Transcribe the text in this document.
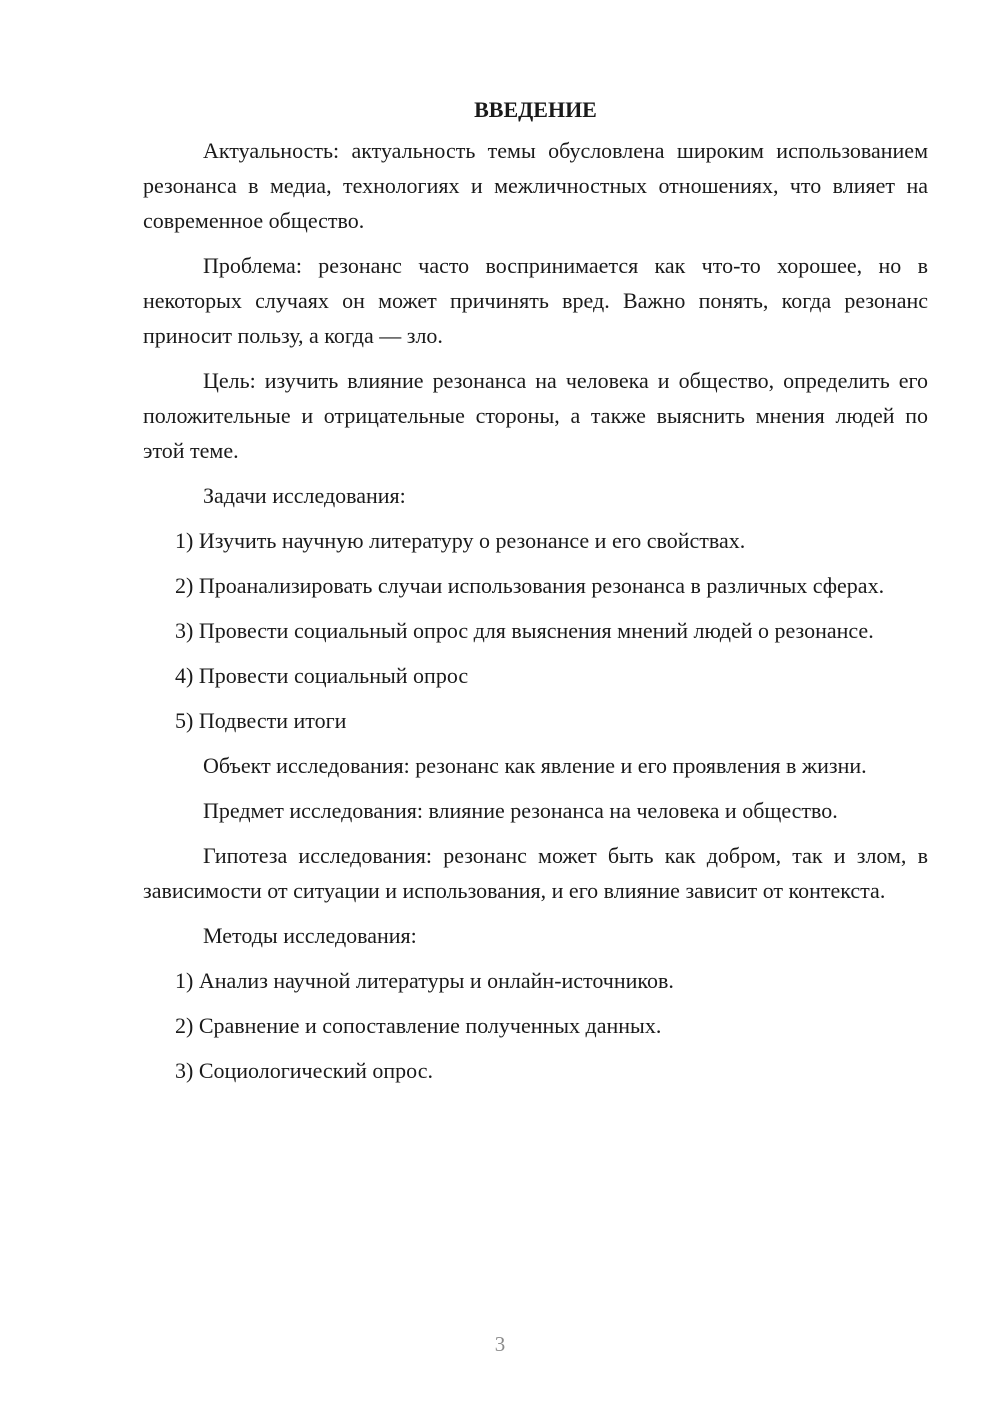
ВВЕДЕНИЕ

Актуальность: актуальность темы обусловлена широким использованием резонанса в медиа, технологиях и межличностных отношениях, что влияет на современное общество.

Проблема: резонанс часто воспринимается как что-то хорошее, но в некоторых случаях он может причинять вред. Важно понять, когда резонанс приносит пользу, а когда — зло.

Цель: изучить влияние резонанса на человека и общество, определить его положительные и отрицательные стороны, а также выяснить мнения людей по этой теме.

Задачи исследования:

1) Изучить научную литературу о резонансе и его свойствах.

2) Проанализировать случаи использования резонанса в различных сферах.

3) Провести социальный опрос для выяснения мнений людей о резонансе.

4) Провести социальный опрос

5) Подвести итоги

Объект исследования: резонанс как явление и его проявления в жизни.

Предмет исследования: влияние резонанса на человека и общество.

Гипотеза исследования: резонанс может быть как добром, так и злом, в зависимости от ситуации и использования, и его влияние зависит от контекста.

Методы исследования:

1) Анализ научной литературы и онлайн-источников.

2) Сравнение и сопоставление полученных данных.

3) Социологический опрос.

3
